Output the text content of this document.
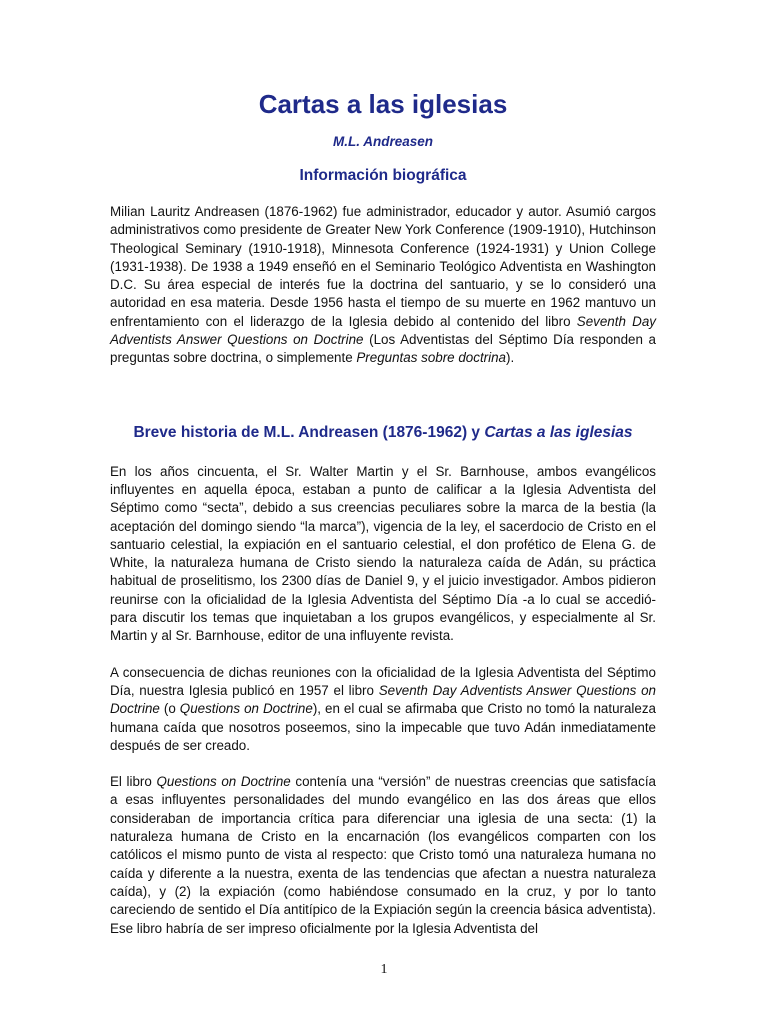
Cartas a las iglesias
M.L. Andreasen
Información biográfica

Milian Lauritz Andreasen (1876-1962) fue administrador, educador y autor. Asumió cargos administrativos como presidente de Greater New York Conference (1909-1910), Hutchinson Theological Seminary (1910-1918), Minnesota Conference (1924-1931) y Union College (1931-1938). De 1938 a 1949 enseñó en el Seminario Teológico Adventista en Washington D.C. Su área especial de interés fue la doctrina del santuario, y se lo consideró una autoridad en esa materia. Desde 1956 hasta el tiempo de su muerte en 1962 mantuvo un enfrentamiento con el liderazgo de la Iglesia debido al contenido del libro Seventh Day Adventists Answer Questions on Doctrine (Los Adventistas del Séptimo Día responden a preguntas sobre doctrina, o simplemente Preguntas sobre doctrina).

Breve historia de M.L. Andreasen (1876-1962) y Cartas a las iglesias

En los años cincuenta, el Sr. Walter Martin y el Sr. Barnhouse, ambos evangélicos influyentes en aquella época, estaban a punto de calificar a la Iglesia Adventista del Séptimo como “secta”, debido a sus creencias peculiares sobre la marca de la bestia (la aceptación del domingo siendo “la marca”), vigencia de la ley, el sacerdocio de Cristo en el santuario celestial, la expiación en el santuario celestial, el don profético de Elena G. de White, la naturaleza humana de Cristo siendo la naturaleza caída de Adán, su práctica habitual de proselitismo, los 2300 días de Daniel 9, y el juicio investigador. Ambos pidieron reunirse con la oficialidad de la Iglesia Adventista del Séptimo Día -a lo cual se accedió- para discutir los temas que inquietaban a los grupos evangélicos, y especialmente al Sr. Martin y al Sr. Barnhouse, editor de una influyente revista.

A consecuencia de dichas reuniones con la oficialidad de la Iglesia Adventista del Séptimo Día, nuestra Iglesia publicó en 1957 el libro Seventh Day Adventists Answer Questions on Doctrine (o Questions on Doctrine), en el cual se afirmaba que Cristo no tomó la naturaleza humana caída que nosotros poseemos, sino la impecable que tuvo Adán inmediatamente después de ser creado.

El libro Questions on Doctrine contenía una “versión” de nuestras creencias que satisfacía a esas influyentes personalidades del mundo evangélico en las dos áreas que ellos consideraban de importancia crítica para diferenciar una iglesia de una secta: (1) la naturaleza humana de Cristo en la encarnación (los evangélicos comparten con los católicos el mismo punto de vista al respecto: que Cristo tomó una naturaleza humana no caída y diferente a la nuestra, exenta de las tendencias que afectan a nuestra naturaleza caída), y (2) la expiación (como habiéndose consumado en la cruz, y por lo tanto careciendo de sentido el Día antitípico de la Expiación según la creencia básica adventista). Ese libro habría de ser impreso oficialmente por la Iglesia Adventista del

1
